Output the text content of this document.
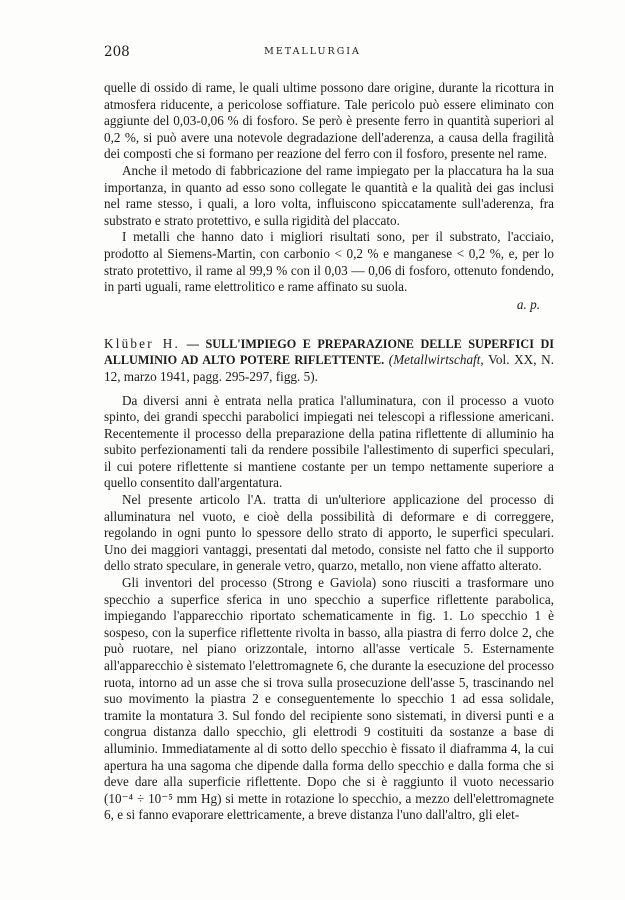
208	METALLURGIA

quelle di ossido di rame, le quali ultime possono dare origine, durante la ricottura in atmosfera riducente, a pericolose soffiature. Tale pericolo può essere eliminato con aggiunte del 0,03-0,06 % di fosforo. Se però è presente ferro in quantità superiori al 0,2 %, si può avere una notevole degradazione dell'aderenza, a causa della fragilità dei composti che si formano per reazione del ferro con il fosforo, presente nel rame.

Anche il metodo di fabbricazione del rame impiegato per la placcatura ha la sua importanza, in quanto ad esso sono collegate le quantità e la qualità dei gas inclusi nel rame stesso, i quali, a loro volta, influiscono spiccatamente sull'aderenza, fra substrato e strato protettivo, e sulla rigidità del placcato.

I metalli che hanno dato i migliori risultati sono, per il substrato, l'acciaio, prodotto al Siemens-Martin, con carbonio < 0,2 % e manganese < 0,2 %, e, per lo strato protettivo, il rame al 99,9 % con il 0,03 — 0,06 di fosforo, ottenuto fondendo, in parti uguali, rame elettrolitico e rame affinato su suola.

a. p.

Klüber H. — SULL'IMPIEGO E PREPARAZIONE DELLE SUPERFICI DI ALLUMINIO AD ALTO POTERE RIFLETTENTE. (Metallwirtschaft, Vol. XX, N. 12, marzo 1941, pagg. 295-297, figg. 5).

Da diversi anni è entrata nella pratica l'alluminatura, con il processo a vuoto spinto, dei grandi specchi parabolici impiegati nei telescopi a riflessione americani. Recentemente il processo della preparazione della patina riflettente di alluminio ha subito perfezionamenti tali da rendere possibile l'allestimento di superfici speculari, il cui potere riflettente si mantiene costante per un tempo nettamente superiore a quello consentito dall'argentatura.

Nel presente articolo l'A. tratta di un'ulteriore applicazione del processo di alluminatura nel vuoto, e cioè della possibilità di deformare e di correggere, regolando in ogni punto lo spessore dello strato di apporto, le superfici speculari. Uno dei maggiori vantaggi, presentati dal metodo, consiste nel fatto che il supporto dello strato speculare, in generale vetro, quarzo, metallo, non viene affatto alterato.

Gli inventori del processo (Strong e Gaviola) sono riusciti a trasformare uno specchio a superfice sferica in uno specchio a superfice riflettente parabolica, impiegando l'apparecchio riportato schematicamente in fig. 1. Lo specchio 1 è sospeso, con la superfice riflettente rivolta in basso, alla piastra di ferro dolce 2, che può ruotare, nel piano orizzontale, intorno all'asse verticale 5. Esternamente all'apparecchio è sistemato l'elettromagnete 6, che durante la esecuzione del processo ruota, intorno ad un asse che si trova sulla prosecuzione dell'asse 5, trascinando nel suo movimento la piastra 2 e conseguentemente lo specchio 1 ad essa solidale, tramite la montatura 3. Sul fondo del recipiente sono sistemati, in diversi punti e a congrua distanza dallo specchio, gli elettrodi 9 costituiti da sostanze a base di alluminio. Immediatamente al di sotto dello specchio è fissato il diaframma 4, la cui apertura ha una sagoma che dipende dalla forma dello specchio e dalla forma che si deve dare alla superficie riflettente. Dopo che si è raggiunto il vuoto necessario (10⁻⁴ ÷ 10⁻⁵ mm Hg) si mette in rotazione lo specchio, a mezzo dell'elettromagnete 6, e si fanno evaporare elettricamente, a breve distanza l'uno dall'altro, gli elet-
